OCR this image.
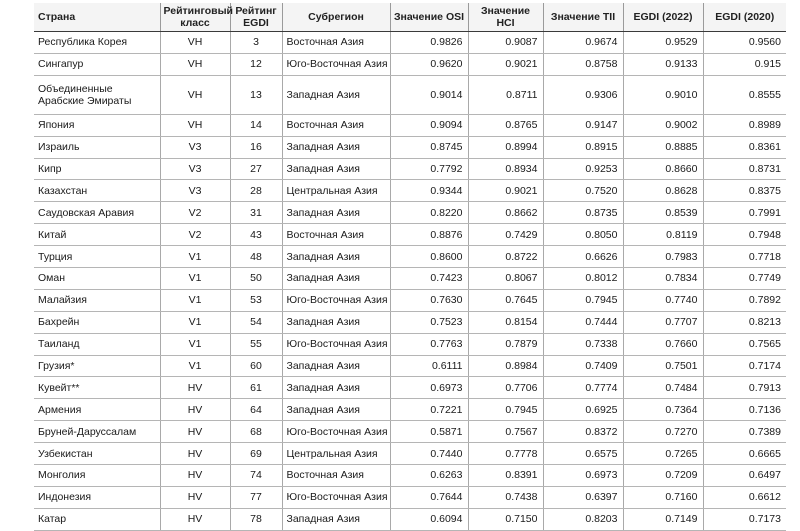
Страна	Рейтинговый класс	Рейтинг EGDI	Субрегион	Значение OSI	Значение HCI	Значение TII	EGDI (2022)	EGDI (2020)
Республика Корея	VH	3	Восточная Азия	0.9826	0.9087	0.9674	0.9529	0.9560
Сингапур	VH	12	Юго-Восточная Азия	0.9620	0.9021	0.8758	0.9133	0.915
Объединенные Арабские Эмираты	VH	13	Западная Азия	0.9014	0.8711	0.9306	0.9010	0.8555
Япония	VH	14	Восточная Азия	0.9094	0.8765	0.9147	0.9002	0.8989
Израиль	V3	16	Западная Азия	0.8745	0.8994	0.8915	0.8885	0.8361
Кипр	V3	27	Западная Азия	0.7792	0.8934	0.9253	0.8660	0.8731
Казахстан	V3	28	Центральная Азия	0.9344	0.9021	0.7520	0.8628	0.8375
Саудовская Аравия	V2	31	Западная Азия	0.8220	0.8662	0.8735	0.8539	0.7991
Китай	V2	43	Восточная Азия	0.8876	0.7429	0.8050	0.8119	0.7948
Турция	V1	48	Западная Азия	0.8600	0.8722	0.6626	0.7983	0.7718
Оман	V1	50	Западная Азия	0.7423	0.8067	0.8012	0.7834	0.7749
Малайзия	V1	53	Юго-Восточная Азия	0.7630	0.7645	0.7945	0.7740	0.7892
Бахрейн	V1	54	Западная Азия	0.7523	0.8154	0.7444	0.7707	0.8213
Таиланд	V1	55	Юго-Восточная Азия	0.7763	0.7879	0.7338	0.7660	0.7565
Грузия*	V1	60	Западная Азия	0.6111	0.8984	0.7409	0.7501	0.7174
Кувейт**	HV	61	Западная Азия	0.6973	0.7706	0.7774	0.7484	0.7913
Армения	HV	64	Западная Азия	0.7221	0.7945	0.6925	0.7364	0.7136
Бруней-Даруссалам	HV	68	Юго-Восточная Азия	0.5871	0.7567	0.8372	0.7270	0.7389
Узбекистан	HV	69	Центральная Азия	0.7440	0.7778	0.6575	0.7265	0.6665
Монголия	HV	74	Восточная Азия	0.6263	0.8391	0.6973	0.7209	0.6497
Индонезия	HV	77	Юго-Восточная Азия	0.7644	0.7438	0.6397	0.7160	0.6612
Катар	HV	78	Западная Азия	0.6094	0.7150	0.8203	0.7149	0.7173
